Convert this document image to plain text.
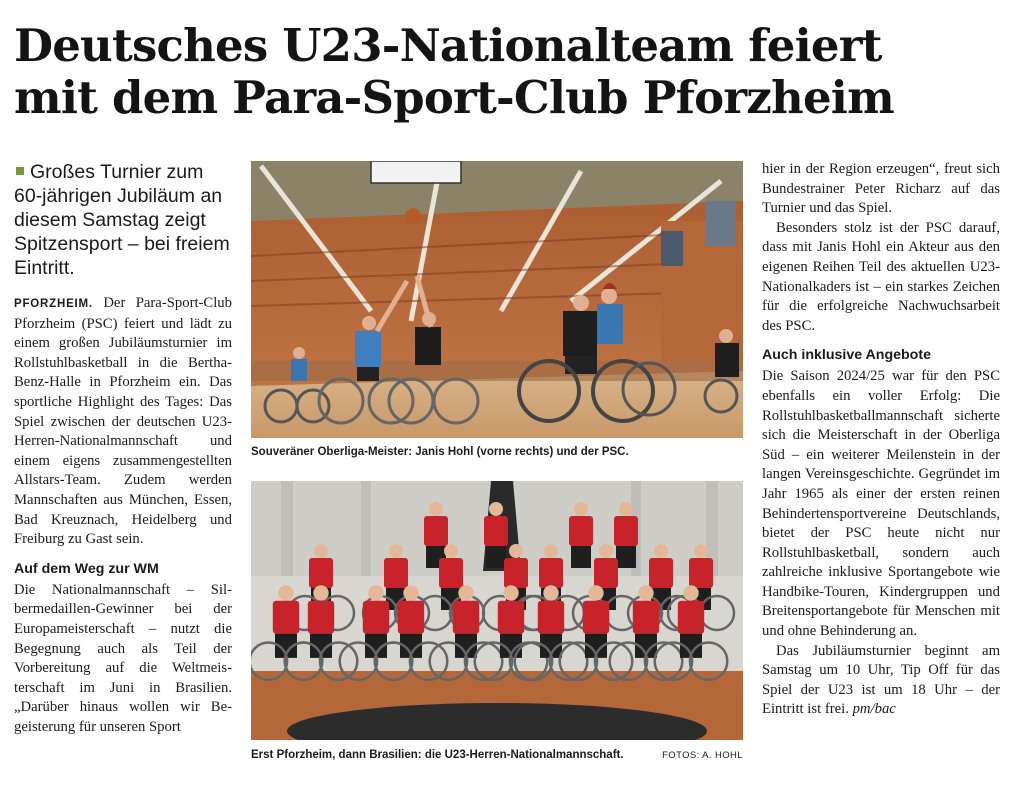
Deutsches U23-Nationalteam feiert
mit dem Para-Sport-Club Pforzheim

Großes Turnier zum 60-jährigen Jubiläum an diesem Samstag zeigt Spitzensport – bei freiem Eintritt.

PFORZHEIM. Der Para-Sport-Club Pforzheim (PSC) feiert und lädt zu einem großen Jubiläumsturnier im Rollstuhlbasketball in die Bertha-Benz-Halle in Pforzheim ein. Das sportliche Highlight des Tages: Das Spiel zwischen der deutschen U23-Herren-Nationalmannschaft und einem eigens zusammengestellten Allstars-Team. Zudem werden Mannschaften aus München, Essen, Bad Kreuznach, Heidelberg und Freiburg zu Gast sein.

Auf dem Weg zur WM

Die Nationalmannschaft – Silbermedaillen-Gewinner bei der Europameisterschaft – nutzt die Begegnung auch als Teil der Vorbereitung auf die Weltmeisterschaft im Juni in Brasilien. „Darüber hinaus wollen wir Begeisterung für unseren Sport

Souveräner Oberliga-Meister: Janis Hohl (vorne rechts) und der PSC.
Erst Pforzheim, dann Brasilien: die U23-Herren-Nationalmannschaft.	FOTOS: A. HOHL

hier in der Region erzeugen“, freut sich Bundestrainer Peter Richarz auf das Turnier und das Spiel.

Besonders stolz ist der PSC darauf, dass mit Janis Hohl ein Akteur aus den eigenen Reihen Teil des aktuellen U23-Nationalkaders ist – ein starkes Zeichen für die erfolgreiche Nachwuchsarbeit des PSC.

Auch inklusive Angebote

Die Saison 2024/25 war für den PSC ebenfalls ein voller Erfolg: Die Rollstuhlbasketballmannschaft sicherte sich die Meisterschaft in der Oberliga Süd – ein weiterer Meilenstein in der langen Vereinsgeschichte. Gegründet im Jahr 1965 als einer der ersten reinen Behindertensportvereine Deutschlands, bietet der PSC heute nicht nur Rollstuhlbasketball, sondern auch zahlreiche inklusive Sportangebote wie Handbike-Touren, Kindergruppen und Breitensportangebote für Menschen mit und ohne Behinderung an.

Das Jubiläumsturnier beginnt am Samstag um 10 Uhr, Tip Off für das Spiel der U23 ist um 18 Uhr – der Eintritt ist frei. pm/bac
